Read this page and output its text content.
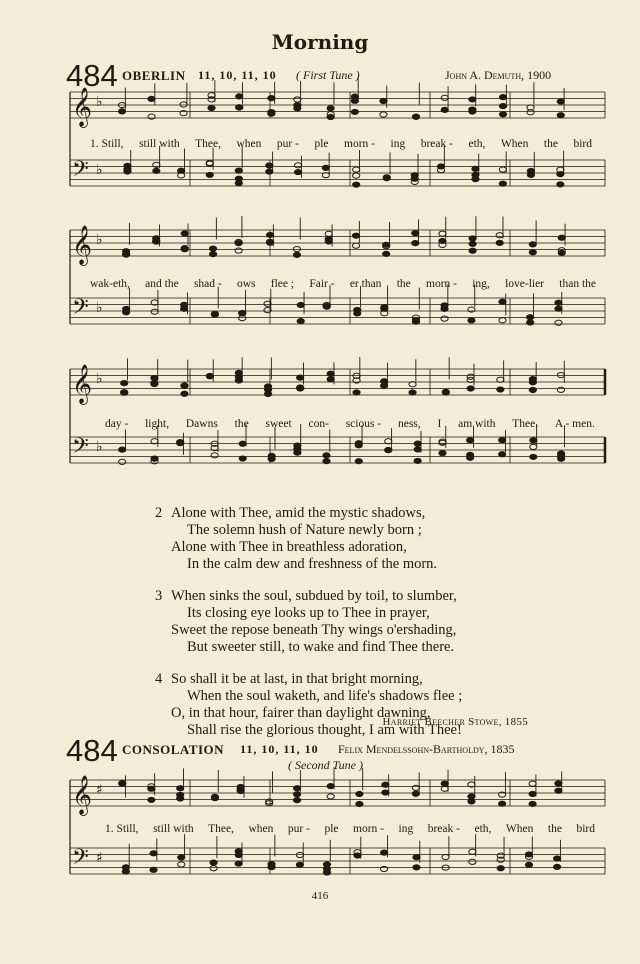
Morning
484 OBERLIN 11, 10, 11, 10 ( First Tune )	John A. Demuth, 1900
𝄞 ♭
𝄢 ♭
1. Still, still with Thee, when pur - ple morn - ing break - eth, When the bird
𝄞 ♭
𝄢 ♭
wak-eth, and the shad - ows flee ; Fair - er than the morn - ing, love-lier than the
𝄞 ♭
𝄢 ♭
day - light, Dawns the sweet con- scious - ness, I am with Thee. A - men.
2 Alone with Thee, amid the mystic shadows,
The solemn hush of Nature newly born ;
Alone with Thee in breathless adoration,
In the calm dew and freshness of the morn.
3 When sinks the soul, subdued by toil, to slumber,
Its closing eye looks up to Thee in prayer,
Sweet the repose beneath Thy wings o'ershading,
But sweeter still, to wake and find Thee there.
4 So shall it be at last, in that bright morning,
When the soul waketh, and life's shadows flee ;
O, in that hour, fairer than daylight dawning,
Shall rise the glorious thought, I am with Thee!
Harriet Beecher Stowe, 1855
484 CONSOLATION 11, 10, 11, 10 Felix Mendelssohn-Bartholdy, 1835
( Second Tune )
𝄞 ♯
𝄢 ♯
1. Still, still with Thee, when pur - ple morn - ing break - eth, When the bird
416
